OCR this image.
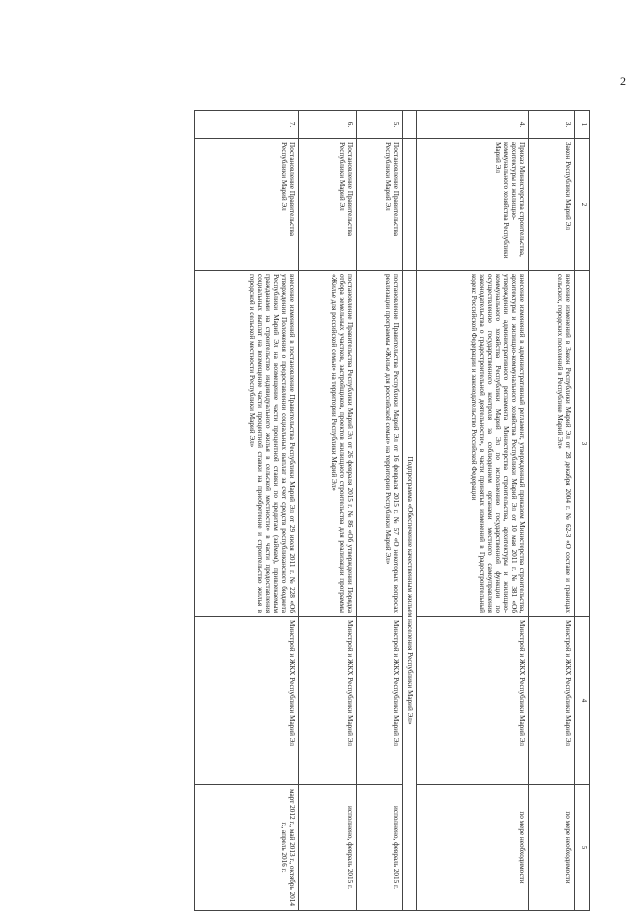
2
1	2	3	4	5
3.	Закон Республики Марий Эл	внесение изменений в Закон Республики Марий Эл от 28 декабря 2004 г. № 62-З «О составе и границах сельских, городских поселений в Республике Марий Эл»	Минстрой и ЖКХ Республики Марий Эл	по мере необходимости
4.	Приказ Министерства строительства, архитектуры и жилищно-коммунального хозяйства Республики Марий Эл	внесение изменений в административный регламент, утвержденный приказом Министерства строительства, архитектуры и жилищно-коммунального хозяйства Республики Марий Эл от 10 мая 2011 г. № 381 «Об утверждении административного регламента Министерства строительства, архитектуры и жилищно-коммунального хозяйства Республики Марий Эл по исполнению государственной функции по осуществлению государственного контроля за соблюдением органами местного самоуправления законодательства о градостроительной деятельности», в части принятых изменений в Градостроительный кодекс Российской Федерации и законодательство Российской Федерации	Минстрой и ЖКХ Республики Марий Эл	по мере необходимости
		Подпрограмма «Обеспечение качественным жильем населения Республики Марий Эл»		
5.	Постановление Правительства Республики Марий Эл	постановление Правительства Республики Марий Эл от 16 февраля 2015 г. № 57 «О некоторых вопросах реализации программы «Жилье для российской семьи» на территории Республики Марий Эл»	Минстрой и ЖКХ Республики Марий Эл	исполнено, февраль 2015 г.
6.	Постановление Правительства Республики Марий Эл	постановление Правительства Республики Марий Эл от 26 февраля 2015 г. № 86 «Об утверждении Порядка отбора земельных участков, застройщиков, проектов жилищного строительства для реализации программы «Жилье для российской семьи» на территории Республики Марий Эл»	Минстрой и ЖКХ Республики Марий Эл	исполнено, февраль 2015 г.
7.	Постановление Правительства Республики Марий Эл	внесение изменений в постановление Правительства Республики Марий Эл от 29 июля 2011 г. № 228 «Об утверждении Положения о предоставлении социальных выплат за счет средств республиканского бюджета Республики Марий Эл на возмещение части процентной ставки по кредитам (займам), привлекаемым гражданами на строительство индивидуального жилья в сельской местности» в части предоставления социальных выплат на возмещение части процентной ставки на приобретение и строительство жилья в городской и сельской местности Республики Марий Эл»	Минстрой и ЖКХ Республики Марий Эл	март 2012 г., май 2013 г., октябрь 2014 г., апрель 2016 г.
